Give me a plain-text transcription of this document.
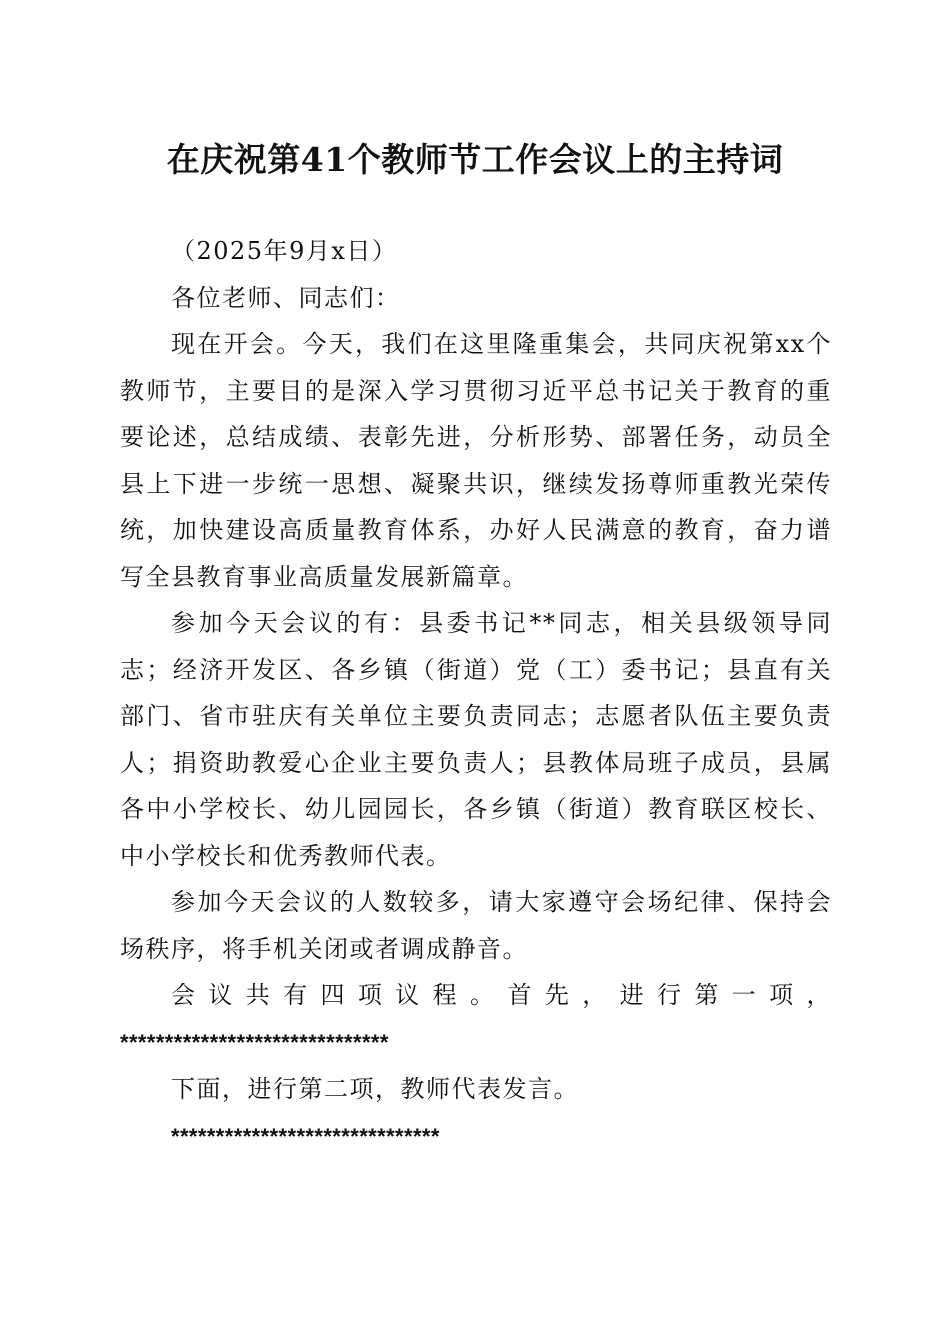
在庆祝第41个教师节工作会议上的主持词

（2025年9月x日）

各位老师、同志们：

现在开会。今天，我们在这里隆重集会，共同庆祝第xx个教师节，主要目的是深入学习贯彻习近平总书记关于教育的重要论述，总结成绩、表彰先进，分析形势、部署任务，动员全县上下进一步统一思想、凝聚共识，继续发扬尊师重教光荣传统，加快建设高质量教育体系，办好人民满意的教育，奋力谱写全县教育事业高质量发展新篇章。

参加今天会议的有：县委书记**同志，相关县级领导同志；经济开发区、各乡镇（街道）党（工）委书记；县直有关部门、省市驻庆有关单位主要负责同志；志愿者队伍主要负责人；捐资助教爱心企业主要负责人；县教体局班子成员，县属各中小学校长、幼儿园园长，各乡镇（街道）教育联区校长、中小学校长和优秀教师代表。

参加今天会议的人数较多，请大家遵守会场纪律、保持会场秩序，将手机关闭或者调成静音。

会议共有四项议程。首先，进行第一项，

******************************

下面，进行第二项，教师代表发言。

******************************
